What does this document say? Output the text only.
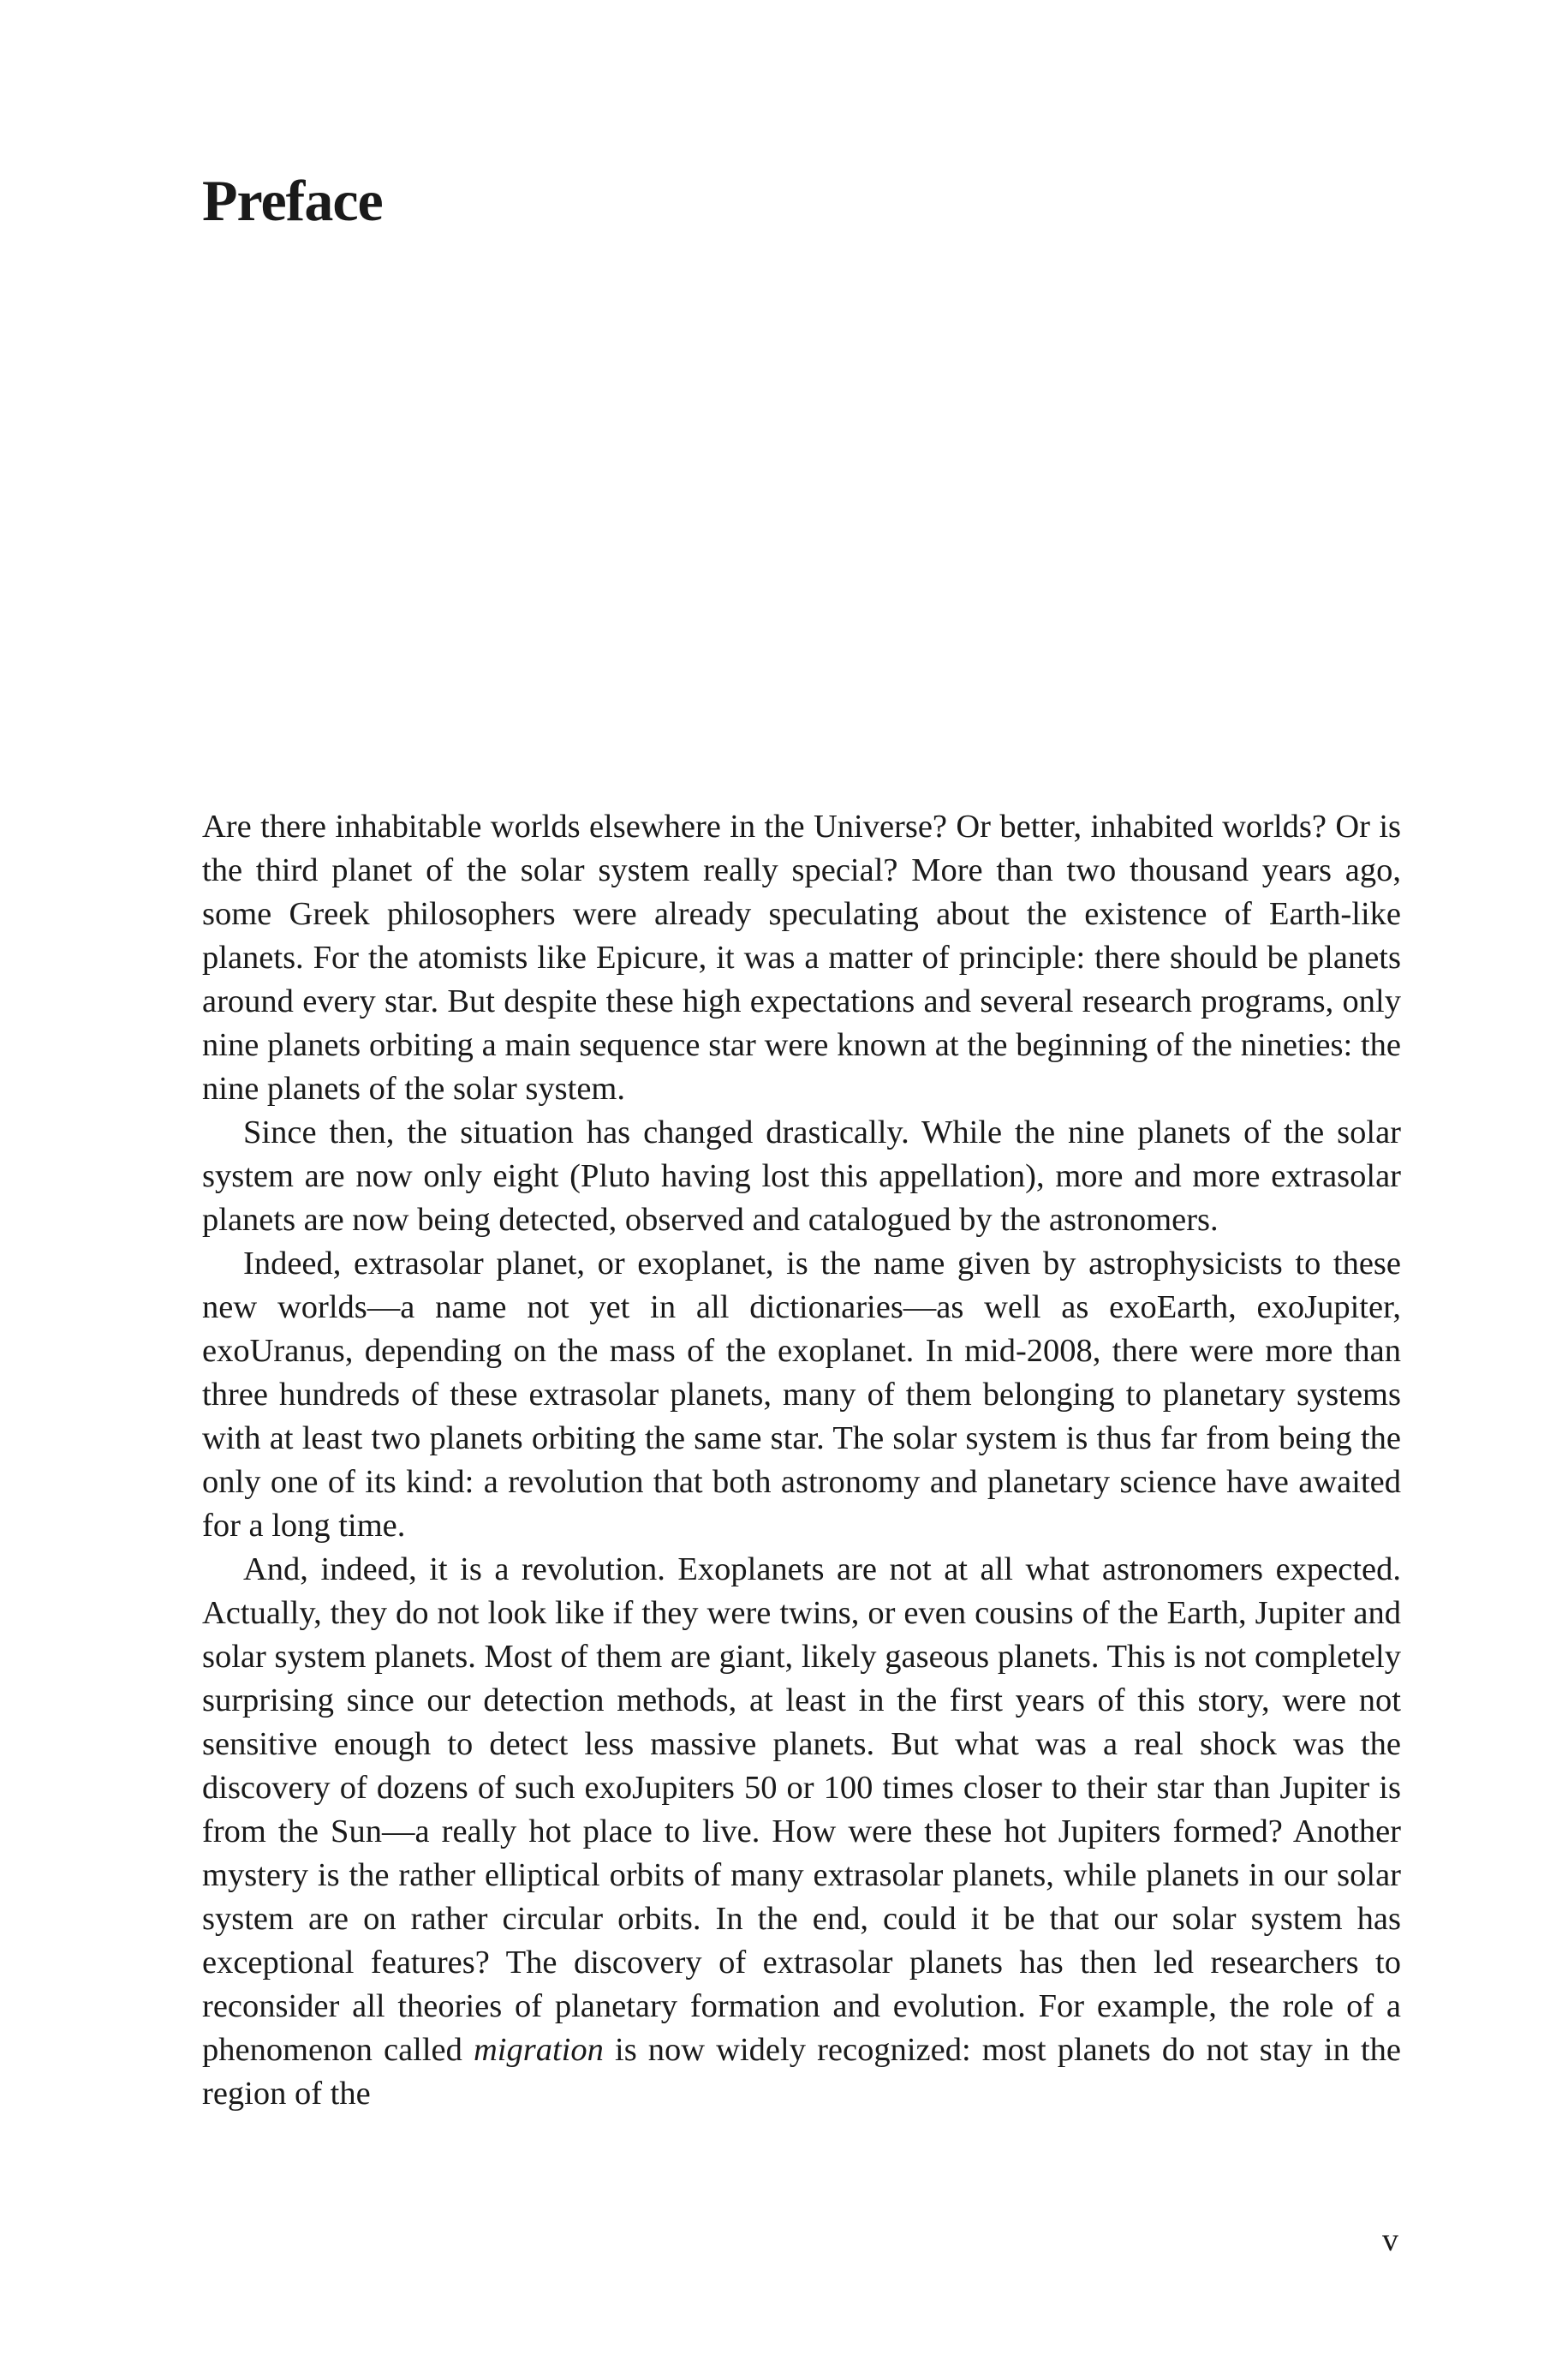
Preface

Are there inhabitable worlds elsewhere in the Universe? Or better, inhabited worlds? Or is the third planet of the solar system really special? More than two thousand years ago, some Greek philosophers were already speculating about the existence of Earth-like planets. For the atomists like Epicure, it was a matter of principle: there should be planets around every star. But despite these high expectations and several research programs, only nine planets orbiting a main sequence star were known at the beginning of the nineties: the nine planets of the solar system.

Since then, the situation has changed drastically. While the nine planets of the solar system are now only eight (Pluto having lost this appellation), more and more extrasolar planets are now being detected, observed and catalogued by the astronomers.

Indeed, extrasolar planet, or exoplanet, is the name given by astrophysicists to these new worlds—a name not yet in all dictionaries—as well as exoEarth, exoJupiter, exoUranus, depending on the mass of the exoplanet. In mid-2008, there were more than three hundreds of these extrasolar planets, many of them belonging to planetary systems with at least two planets orbiting the same star. The solar system is thus far from being the only one of its kind: a revolution that both astronomy and planetary science have awaited for a long time.

And, indeed, it is a revolution. Exoplanets are not at all what astronomers expected. Actually, they do not look like if they were twins, or even cousins of the Earth, Jupiter and solar system planets. Most of them are giant, likely gaseous planets. This is not completely surprising since our detection methods, at least in the first years of this story, were not sensitive enough to detect less massive planets. But what was a real shock was the discovery of dozens of such exoJupiters 50 or 100 times closer to their star than Jupiter is from the Sun—a really hot place to live. How were these hot Jupiters formed? Another mystery is the rather elliptical orbits of many extrasolar planets, while planets in our solar system are on rather circular orbits. In the end, could it be that our solar system has exceptional features? The discovery of extrasolar planets has then led researchers to reconsider all theories of planetary formation and evolution. For example, the role of a phenomenon called migration is now widely recognized: most planets do not stay in the region of the

v
